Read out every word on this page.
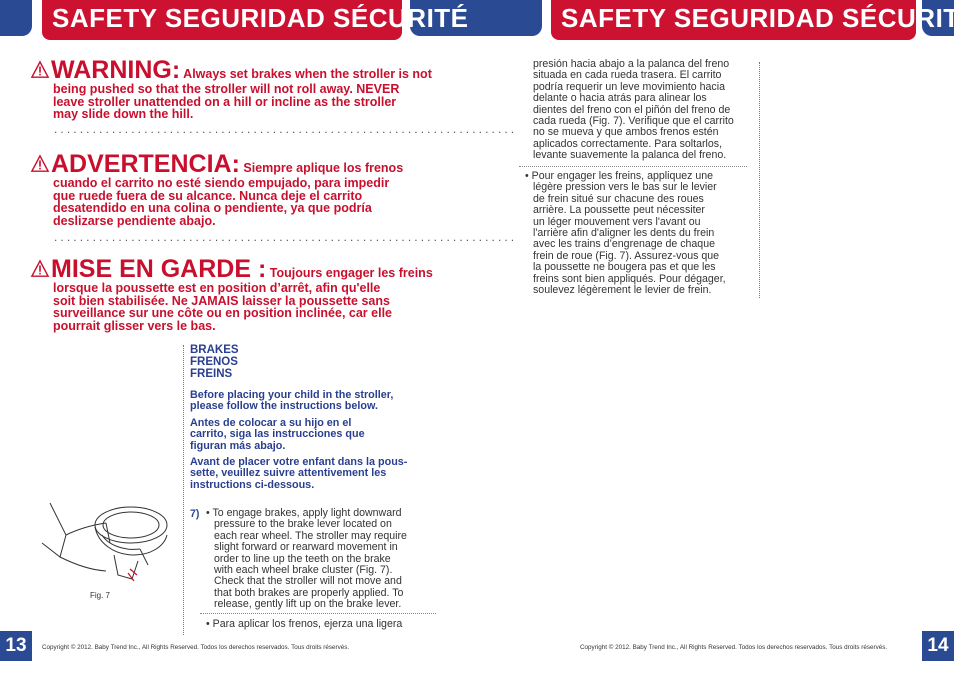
SAFETY SEGURIDAD SÉCURITÉ	SAFETY SEGURIDAD SÉCURITÉ
WARNING: Always set brakes when the stroller is not
being pushed so that the stroller will not roll away. NEVER
leave stroller unattended on a hill or incline as the stroller
may slide down the hill.
........................................................................
ADVERTENCIA: Siempre aplique los frenos
cuando el carrito no esté siendo empujado, para impedir
que ruede fuera de su alcance. Nunca deje el carrito
desatendido en una colina o pendiente, ya que podría
deslizarse pendiente abajo.
........................................................................
MISE EN GARDE : Toujours engager les freins
lorsque la poussette est en position d’arrêt, afin qu'elle
soit bien stabilisée. Ne JAMAIS laisser la poussette sans
surveillance sur une côte ou en position inclinée, car elle
pourrait glisser vers le bas.
BRAKES
FRENOS
FREINS
Before placing your child in the stroller,
please follow the instructions below.
Antes de colocar a su hijo en el
carrito, siga las instrucciones que
figuran más abajo.
Avant de placer votre enfant dans la pous-
sette, veuillez suivre attentivement les
instructions ci-dessous.
7) • To engage brakes, apply light downward
pressure to the brake lever located on
each rear wheel. The stroller may require
slight forward or rearward movement in
order to line up the teeth on the brake
with each wheel brake cluster (Fig. 7).
Check that the stroller will not move and
that both brakes are properly applied. To
release, gently lift up on the brake lever.
• Para aplicar los frenos, ejerza una ligera
Fig. 7
presión hacia abajo a la palanca del freno
situada en cada rueda trasera. El carrito
podría requerir un leve movimiento hacia
delante o hacia atrás para alinear los
dientes del freno con el piñón del freno de
cada rueda (Fig. 7). Verifique que el carrito
no se mueva y que ambos frenos estén
aplicados correctamente. Para soltarlos,
levante suavemente la palanca del freno.
• Pour engager les freins, appliquez une
légère pression vers le bas sur le levier
de frein situé sur chacune des roues
arrière. La poussette peut nécessiter
un léger mouvement vers l'avant ou
l'arrière afin d'aligner les dents du frein
avec les trains d’engrenage de chaque
frein de roue (Fig. 7). Assurez-vous que
la poussette ne bougera pas et que les
freins sont bien appliqués. Pour dégager,
soulevez légèrement le levier de frein.
13	Copyright © 2012. Baby Trend Inc., All Rights Reserved. Todos los derechos reservados. Tous droits réservés.	Copyright © 2012. Baby Trend Inc., All Rights Reserved. Todos los derechos reservados. Tous droits réservés. 14
